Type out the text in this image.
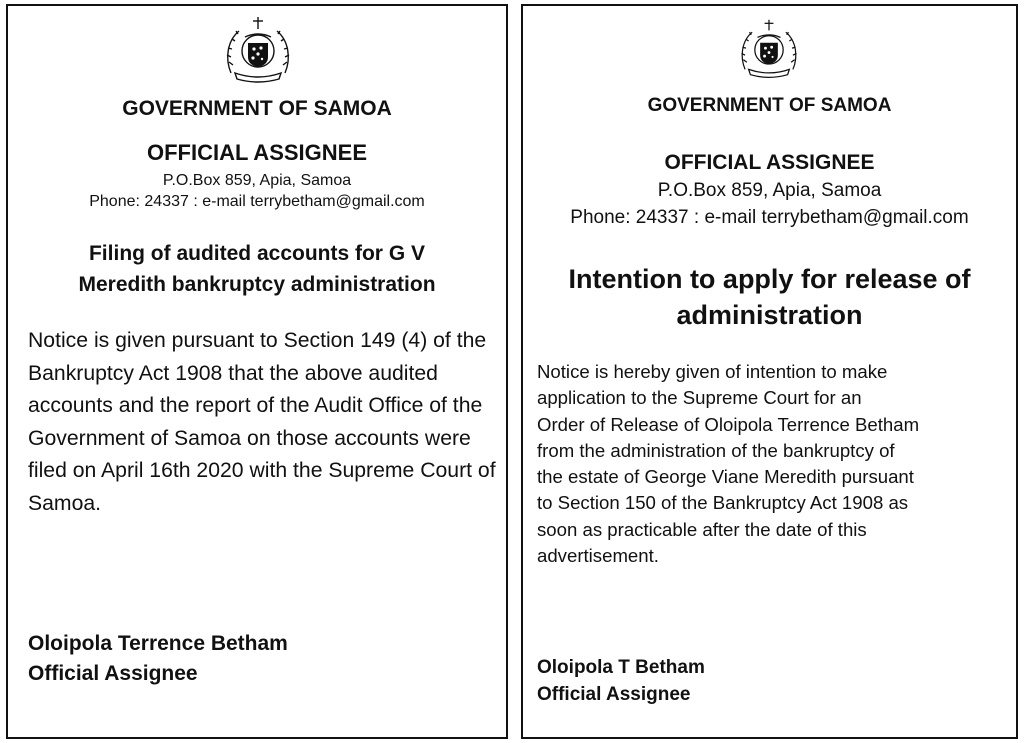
GOVERNMENT OF SAMOA
OFFICIAL ASSIGNEE
P.O.Box 859, Apia, Samoa
Phone: 24337 : e-mail terrybetham@gmail.com
Filing of audited accounts for G V
Meredith bankruptcy administration
Notice is given pursuant to Section 149 (4) of the Bankruptcy Act 1908 that the above audited accounts and the report of the Audit Office of the Government of Samoa on those accounts were filed on April 16th 2020 with the Supreme Court of Samoa.
Oloipola Terrence Betham
Official Assignee
GOVERNMENT OF SAMOA
OFFICIAL ASSIGNEE
P.O.Box 859, Apia, Samoa
Phone: 24337 : e-mail terrybetham@gmail.com
Intention to apply for release of
administration
Notice is hereby given of intention to make
application to the Supreme Court for an
Order of Release of Oloipola Terrence Betham
from the administration of the bankruptcy of
the estate of George Viane Meredith pursuant
to Section 150 of the Bankruptcy Act 1908 as
soon as practicable after the date of this
advertisement.
Oloipola T Betham
Official Assignee
